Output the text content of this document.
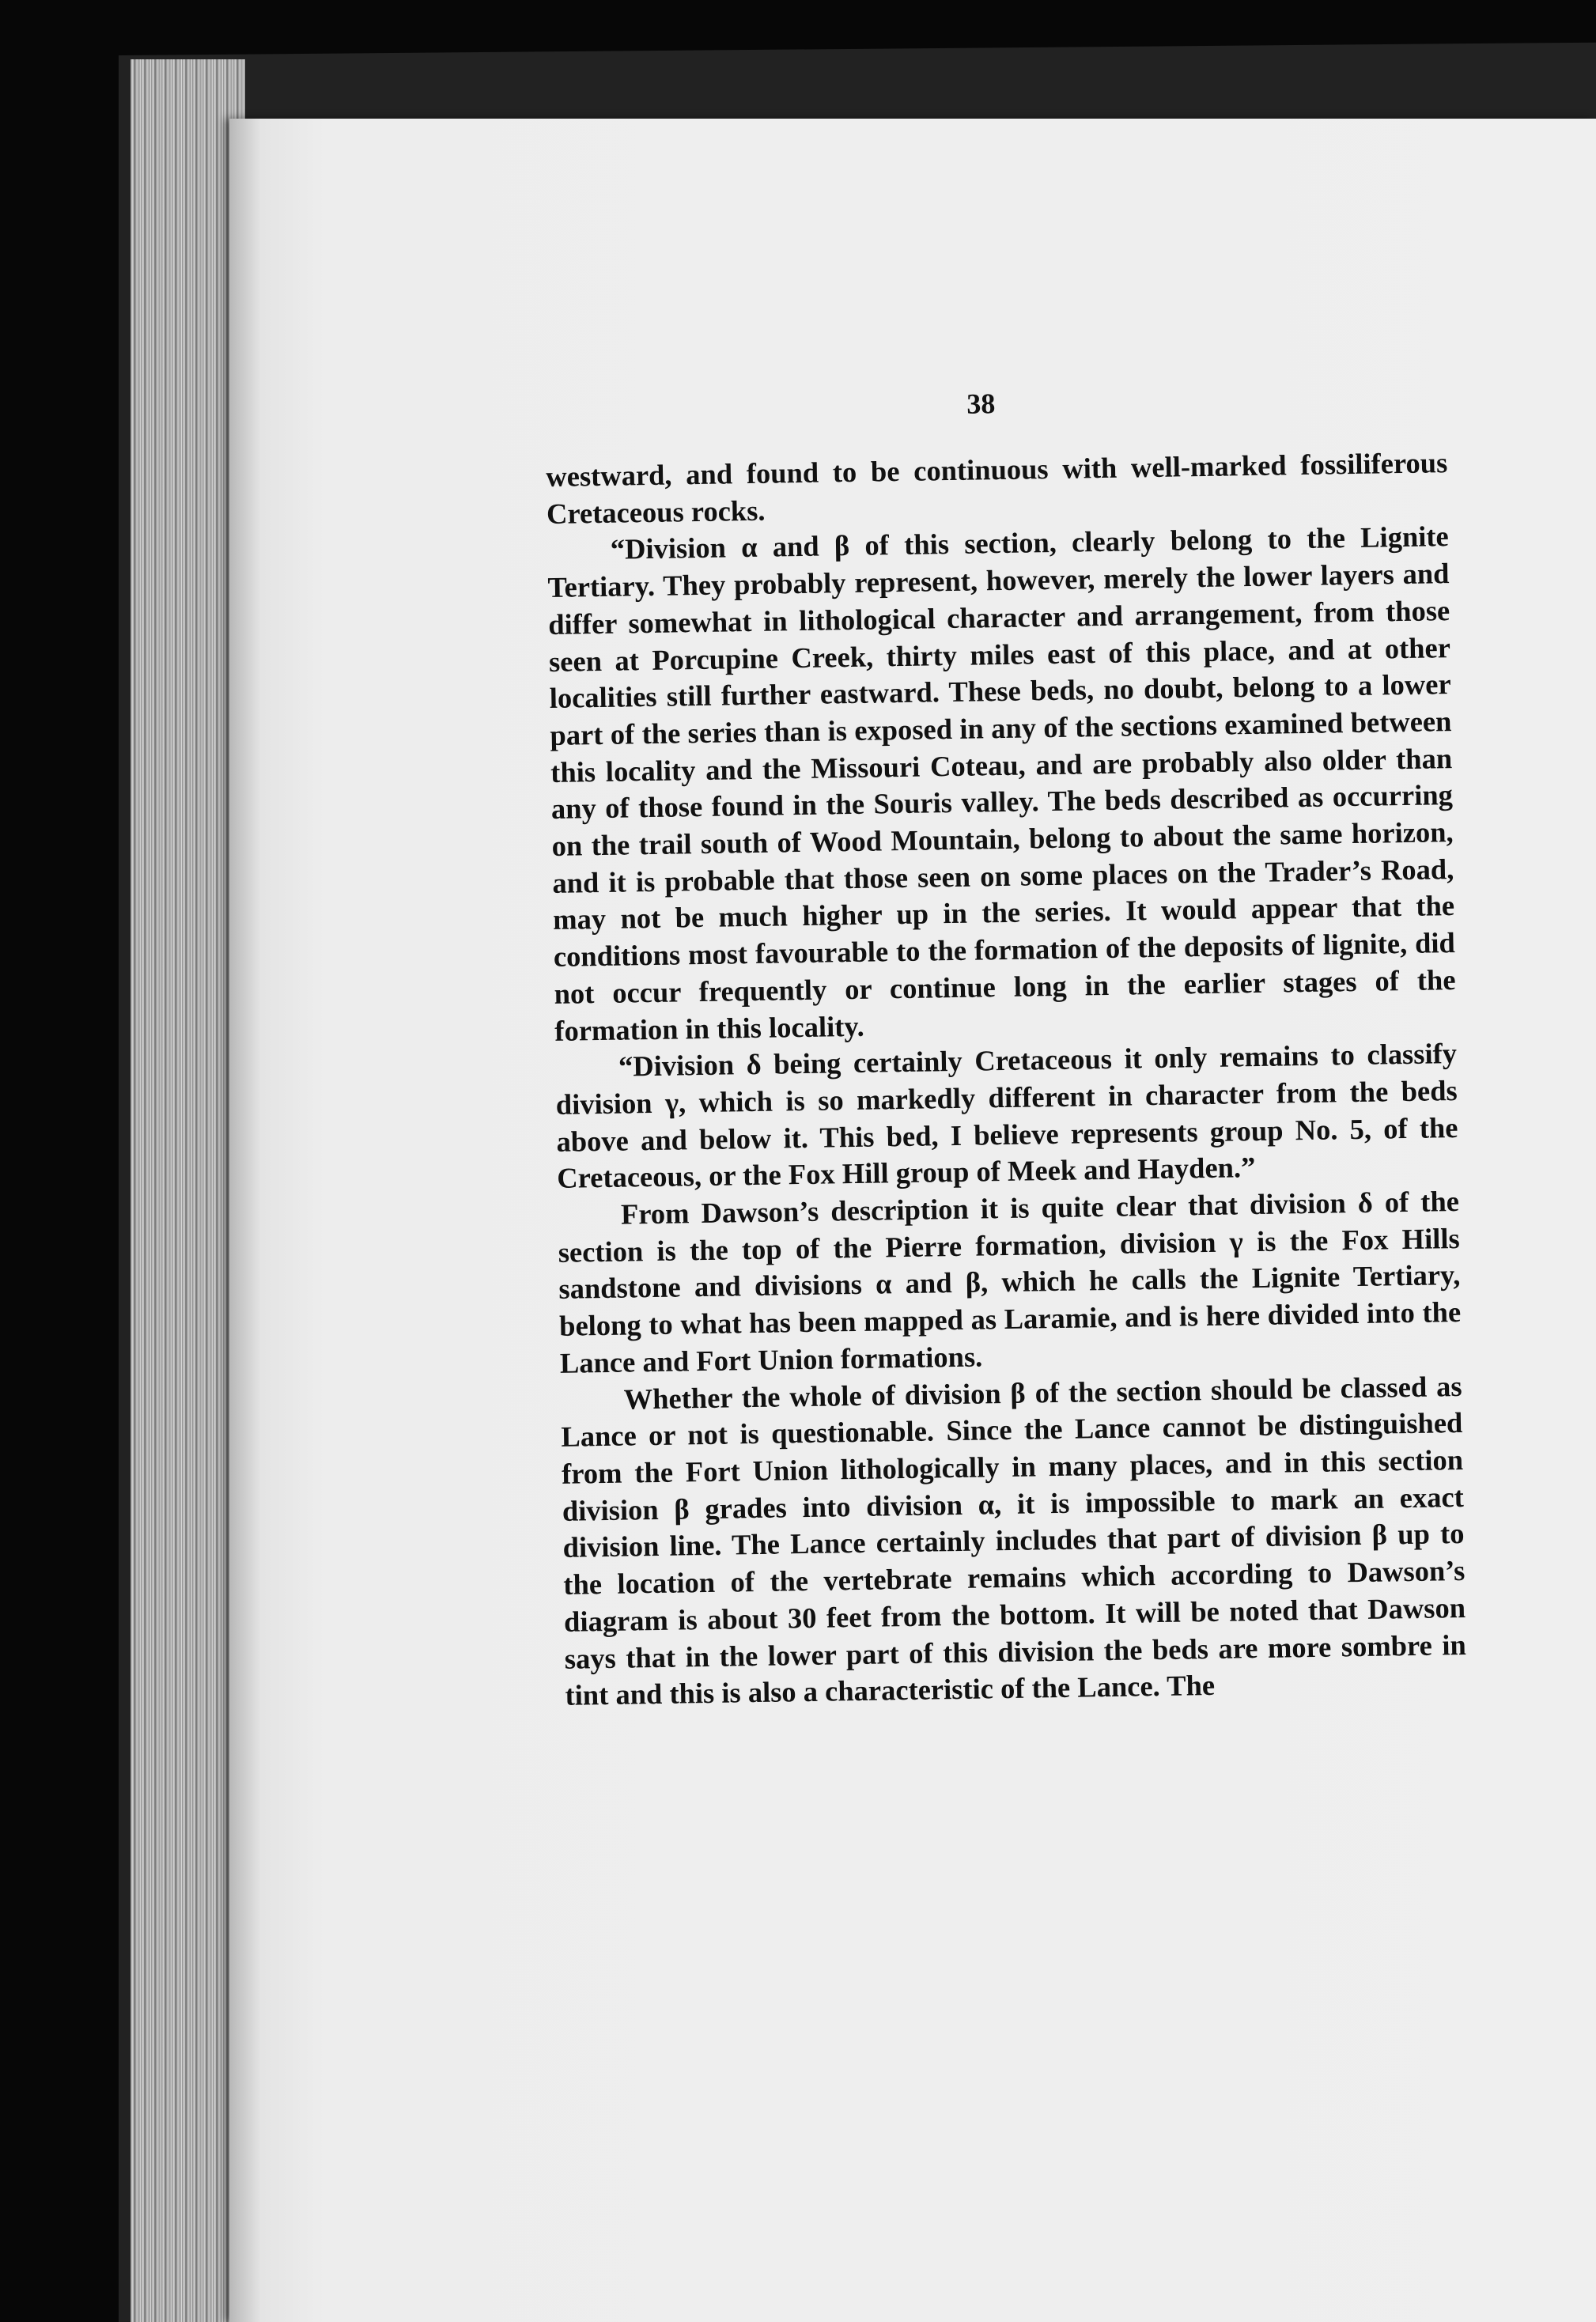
38

westward, and found to be continuous with well-marked fossiliferous Cretaceous rocks.

“Division α and β of this section, clearly belong to the Lignite Tertiary. They probably represent, however, merely the lower layers and differ somewhat in lithological character and arrangement, from those seen at Porcupine Creek, thirty miles east of this place, and at other localities still further eastward. These beds, no doubt, belong to a lower part of the series than is exposed in any of the sections examined between this locality and the Missouri Coteau, and are probably also older than any of those found in the Souris valley. The beds described as occurring on the trail south of Wood Mountain, belong to about the same horizon, and it is probable that those seen on some places on the Trader’s Road, may not be much higher up in the series. It would appear that the conditions most favourable to the formation of the deposits of lignite, did not occur frequently or continue long in the earlier stages of the formation in this locality.

“Division δ being certainly Cretaceous it only remains to classify division γ, which is so markedly different in character from the beds above and below it. This bed, I believe represents group No. 5, of the Cretaceous, or the Fox Hill group of Meek and Hayden.”

From Dawson’s description it is quite clear that division δ of the section is the top of the Pierre formation, division γ is the Fox Hills sandstone and divisions α and β, which he calls the Lignite Tertiary, belong to what has been mapped as Laramie, and is here divided into the Lance and Fort Union formations.

Whether the whole of division β of the section should be classed as Lance or not is questionable. Since the Lance cannot be distinguished from the Fort Union lithologically in many places, and in this section division β grades into division α, it is impossible to mark an exact division line. The Lance certainly includes that part of division β up to the location of the vertebrate remains which according to Dawson’s diagram is about 30 feet from the bottom. It will be noted that Dawson says that in the lower part of this division the beds are more sombre in tint and this is also a characteristic of the Lance. The
